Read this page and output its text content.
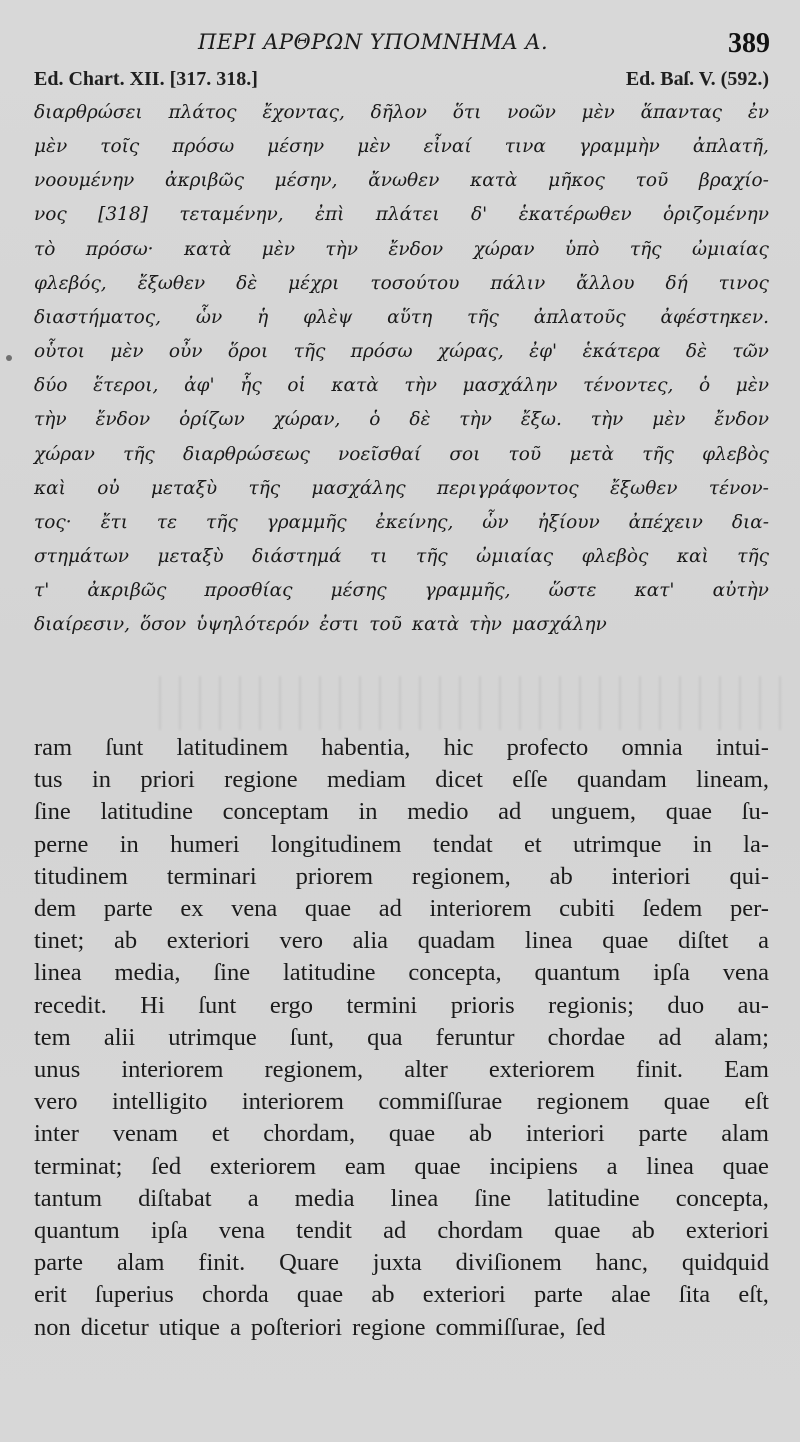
ΠΕΡΙ ΑΡΘΡΩΝ ΥΠΟΜΝΗΜΑ Α.	389
Ed. Chart. XII. [317. 318.]	Ed. Baſ. V. (592.)
διαρθρώσει πλάτος ἔχοντας, δῆλον ὅτι νοῶν μὲν ἅπαντας ἐν
μὲν τοῖς πρόσω μέσην μὲν εἶναί τινα γραμμὴν ἀπλατῆ,
νοουμένην ἀκριβῶς μέσην, ἄνωθεν κατὰ μῆκος τοῦ βραχίο-
νος [318] τεταμένην, ἐπὶ πλάτει δ' ἑκατέρωθεν ὁριζομένην
τὸ πρόσω· κατὰ μὲν τὴν ἔνδον χώραν ὑπὸ τῆς ὠμιαίας
φλεβός, ἔξωθεν δὲ μέχρι τοσούτου πάλιν ἄλλου δή τινος
διαστήματος, ὧν ἡ φλὲψ αὕτη τῆς ἀπλατοῦς ἀφέστηκεν.
οὗτοι μὲν οὖν ὅροι τῆς πρόσω χώρας, ἐφ' ἑκάτερα δὲ τῶν
δύο ἕτεροι, ἀφ' ἧς οἱ κατὰ τὴν μασχάλην τένοντες, ὁ μὲν
τὴν ἔνδον ὁρίζων χώραν, ὁ δὲ τὴν ἔξω. τὴν μὲν ἔνδον
χώραν τῆς διαρθρώσεως νοεῖσθαί σοι τοῦ μετὰ τῆς φλεβὸς
καὶ οὐ μεταξὺ τῆς μασχάλης περιγράφοντος ἔξωθεν τένον-
τος· ἔτι τε τῆς γραμμῆς ἐκείνης, ὧν ἠξίουν ἀπέχειν δια-
στημάτων μεταξὺ διάστημά τι τῆς ὠμιαίας φλεβὸς καὶ τῆς
τ' ἀκριβῶς προσθίας μέσης γραμμῆς, ὥστε κατ' αὐτὴν
διαίρεσιν, ὅσον ὑψηλότερόν ἐστι τοῦ κατὰ τὴν μασχάλην
ram ſunt latitudinem habentia, hic profecto omnia intui-
tus in priori regione mediam dicet eſſe quandam lineam,
ſine latitudine conceptam in medio ad unguem, quae ſu-
perne in humeri longitudinem tendat et utrimque in la-
titudinem terminari priorem regionem, ab interiori qui-
dem parte ex vena quae ad interiorem cubiti ſedem per-
tinet; ab exteriori vero alia quadam linea quae diſtet a
linea media, ſine latitudine concepta, quantum ipſa vena
recedit. Hi ſunt ergo termini prioris regionis; duo au-
tem alii utrimque ſunt, qua feruntur chordae ad alam;
unus interiorem regionem, alter exteriorem finit. Eam
vero intelligito interiorem commiſſurae regionem quae eſt
inter venam et chordam, quae ab interiori parte alam
terminat; ſed exteriorem eam quae incipiens a linea quae
tantum diſtabat a media linea ſine latitudine concepta,
quantum ipſa vena tendit ad chordam quae ab exteriori
parte alam finit. Quare juxta diviſionem hanc, quidquid
erit ſuperius chorda quae ab exteriori parte alae ſita eſt,
non dicetur utique a poſteriori regione commiſſurae, ſed
